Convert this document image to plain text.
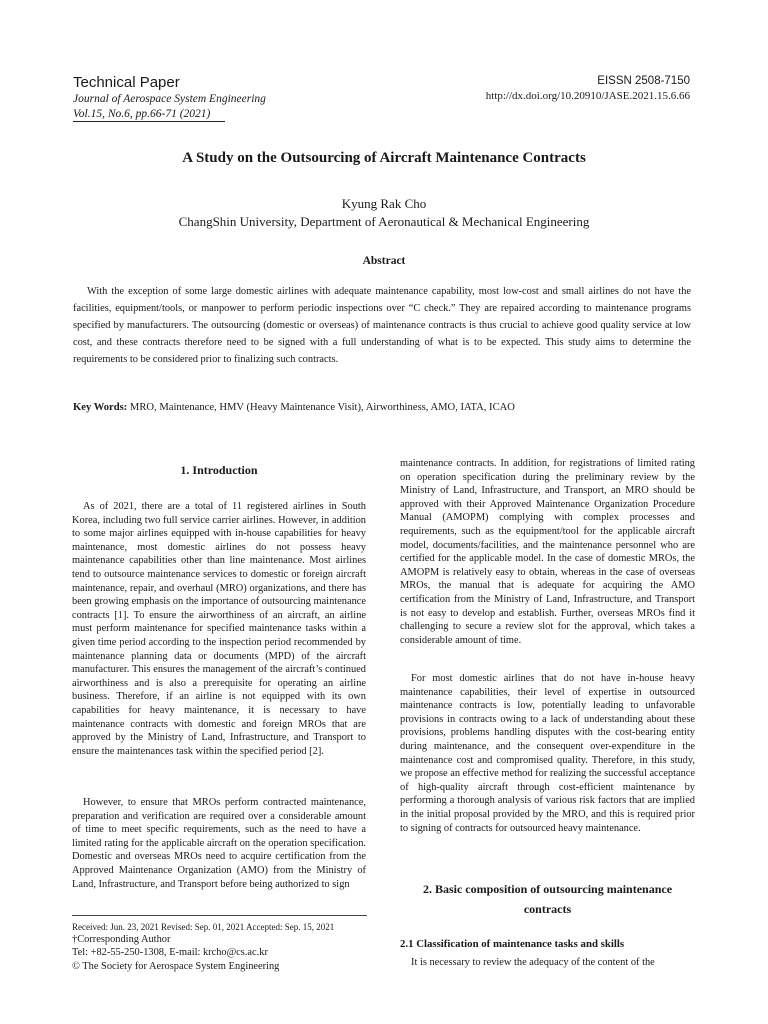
Technical Paper
Journal of Aerospace System Engineering
Vol.15, No.6, pp.66-71 (2021)
EISSN 2508-7150
http://dx.doi.org/10.20910/JASE.2021.15.6.66
A Study on the Outsourcing of Aircraft Maintenance Contracts
Kyung Rak Cho
ChangShin University, Department of Aeronautical & Mechanical Engineering
Abstract

With the exception of some large domestic airlines with adequate maintenance capability, most low-cost and small airlines do not have the facilities, equipment/tools, or manpower to perform periodic inspections over “C check.” They are repaired according to maintenance programs specified by manufacturers. The outsourcing (domestic or overseas) of maintenance contracts is thus crucial to achieve good quality service at low cost, and these contracts therefore need to be signed with a full understanding of what is to be expected. This study aims to determine the requirements to be considered prior to finalizing such contracts.

Key Words: MRO, Maintenance, HMV (Heavy Maintenance Visit), Airworthiness, AMO, IATA, ICAO
1. Introduction

As of 2021, there are a total of 11 registered airlines in South Korea, including two full service carrier airlines. However, in addition to some major airlines equipped with in-house capabilities for heavy maintenance, most domestic airlines do not possess heavy maintenance capabilities other than line maintenance. Most airlines tend to outsource maintenance services to domestic or foreign aircraft maintenance, repair, and overhaul (MRO) organizations, and there has been growing emphasis on the importance of outsourcing maintenance contracts [1]. To ensure the airworthiness of an aircraft, an airline must perform maintenance for specified maintenance tasks within a given time period according to the inspection period recommended by maintenance planning data or documents (MPD) of the aircraft manufacturer. This ensures the management of the aircraft’s continued airworthiness and is also a prerequisite for operating an airline business. Therefore, if an airline is not equipped with its own capabilities for heavy maintenance, it is necessary to have maintenance contracts with domestic and foreign MROs that are approved by the Ministry of Land, Infrastructure, and Transport to ensure the maintenances task within the specified period [2].

However, to ensure that MROs perform contracted maintenance, preparation and verification are required over a considerable amount of time to meet specific requirements, such as the need to have a limited rating for the applicable aircraft on the operation specification. Domestic and overseas MROs need to acquire certification from the Approved Maintenance Organization (AMO) from the Ministry of Land, Infrastructure, and Transport before being authorized to sign

Received: Jun. 23, 2021 Revised: Sep. 01, 2021 Accepted: Sep. 15, 2021
†Corresponding Author
Tel: +82-55-250-1308, E-mail: krcho@cs.ac.kr
© The Society for Aerospace System Engineering

maintenance contracts. In addition, for registrations of limited rating on operation specification during the preliminary review by the Ministry of Land, Infrastructure, and Transport, an MRO should be approved with their Approved Maintenance Organization Procedure Manual (AMOPM) complying with complex processes and requirements, such as the equipment/tool for the applicable aircraft model, documents/facilities, and the maintenance personnel who are certified for the applicable model. In the case of domestic MROs, the AMOPM is relatively easy to obtain, whereas in the case of overseas MROs, the manual that is adequate for acquiring the AMO certification from the Ministry of Land, Infrastructure, and Transport is not easy to develop and establish. Further, overseas MROs find it challenging to secure a review slot for the approval, which takes a considerable amount of time.

For most domestic airlines that do not have in-house heavy maintenance capabilities, their level of expertise in outsourced maintenance contracts is low, potentially leading to unfavorable provisions in contracts owing to a lack of understanding about these provisions, problems handling disputes with the cost-bearing entity during maintenance, and the consequent over-expenditure in the maintenance cost and compromised quality. Therefore, in this study, we propose an effective method for realizing the successful acceptance of high-quality aircraft through cost-efficient maintenance by performing a thorough analysis of various risk factors that are implied in the initial proposal provided by the MRO, and this is required prior to signing of contracts for outsourced heavy maintenance.

2. Basic composition of outsourcing maintenance
contracts
2.1 Classification of maintenance tasks and skills

It is necessary to review the adequacy of the content of the
